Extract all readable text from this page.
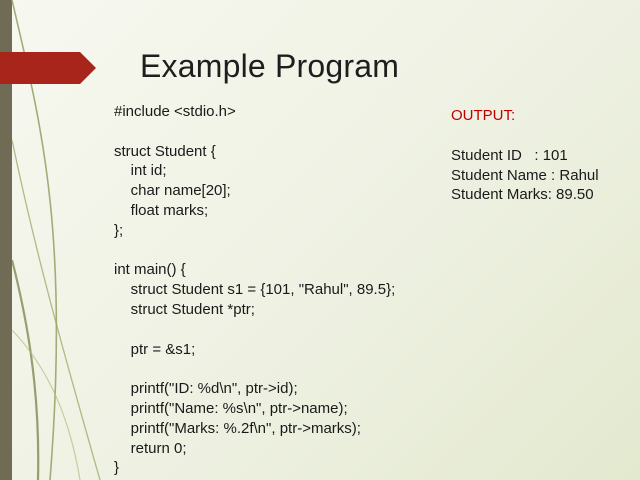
Example Program
#include <stdio.h>
struct Student {
int id;
char name[20];
float marks;
};
int main() {
struct Student s1 = {101, "Rahul", 89.5};
struct Student *ptr;
ptr = &s1;
printf("ID: %d\n", ptr->id);
printf("Name: %s\n", ptr->name);
printf("Marks: %.2f\n", ptr->marks);
return 0;
}
OUTPUT:
Student ID   : 101
Student Name : Rahul
Student Marks: 89.50
